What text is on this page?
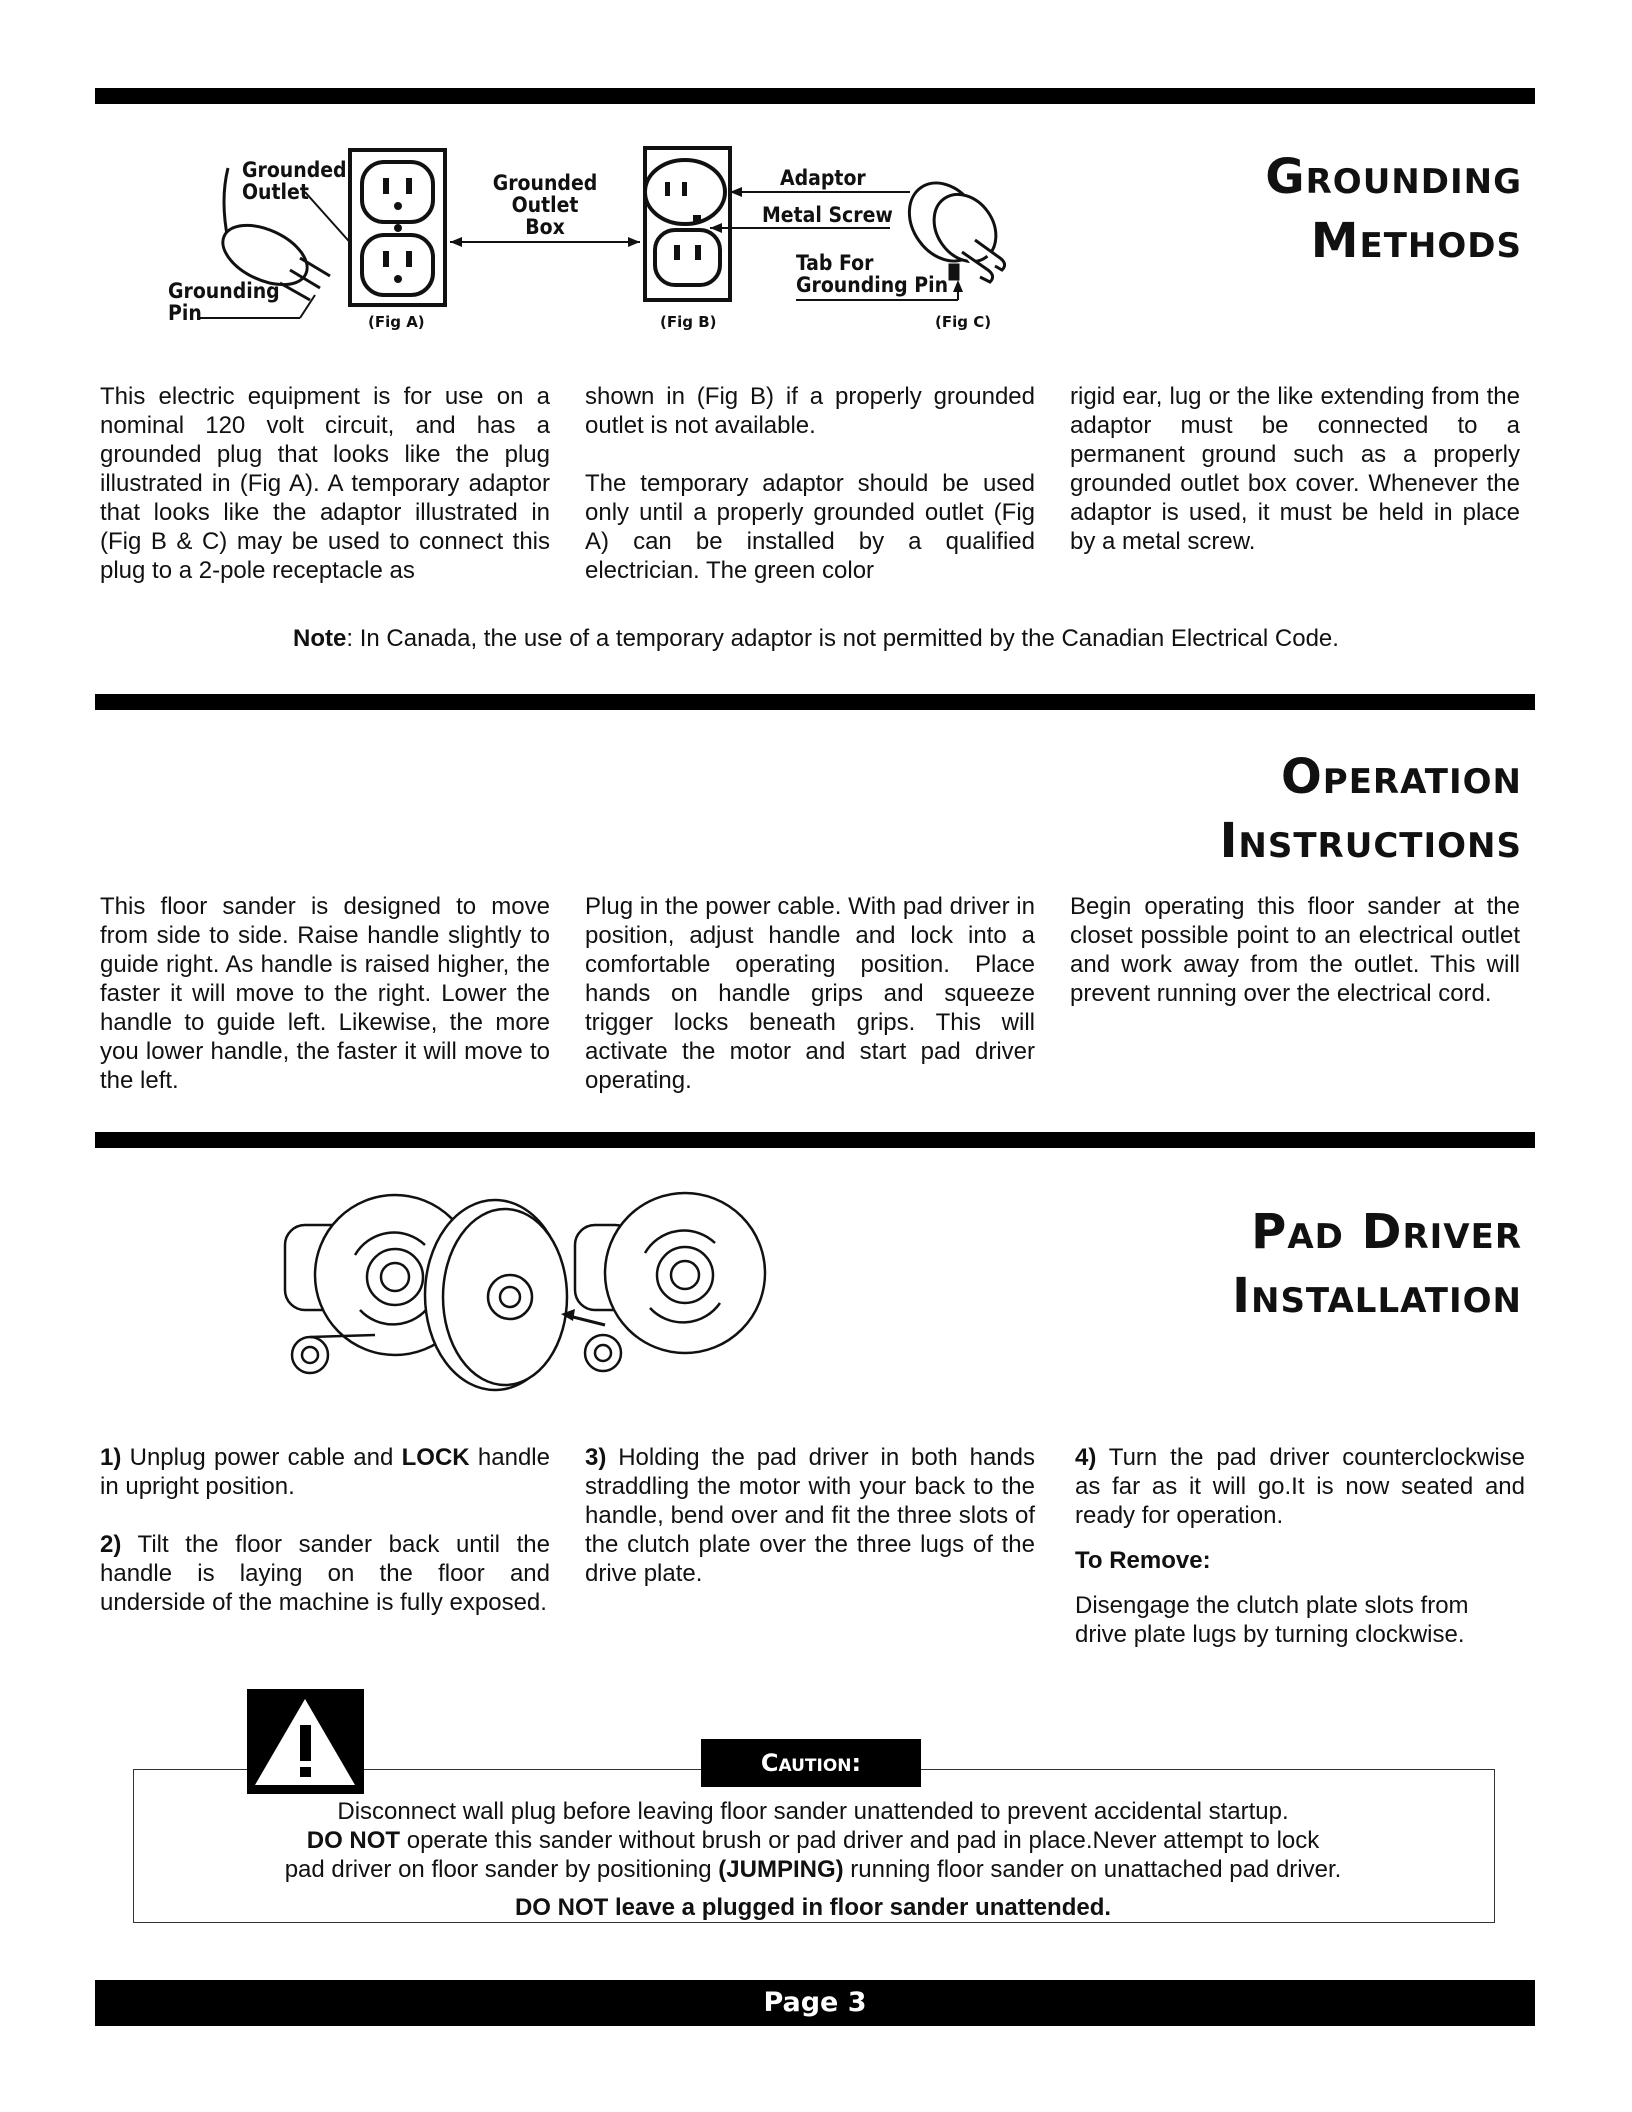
Grounded Outlet
Grounding Pin	(Fig A)
Grounded Outlet Box
(Fig B)
Adaptor
Metal Screw
Tab For Grounding Pin
(Fig C)
Grounding
Methods

This electric equipment is for use on a nominal 120 volt circuit, and has a grounded plug that looks like the plug illustrated in (Fig A). A temporary adaptor that looks like the adaptor illustrated in (Fig B & C) may be used to connect this plug to a 2-pole receptacle as

shown in (Fig B) if a properly grounded outlet is not available.

The temporary adaptor should be used only until a properly grounded outlet (Fig A) can be installed by a qualified electrician. The green color

rigid ear, lug or the like extending from the adaptor must be connected to a permanent ground such as a properly grounded outlet box cover. Whenever the adaptor is used, it must be held in place by a metal screw.

Note: In Canada, the use of a temporary adaptor is not permitted by the Canadian Electrical Code.
Operation
Instructions

This floor sander is designed to move from side to side. Raise handle slightly to guide right. As handle is raised higher, the faster it will move to the right. Lower the handle to guide left. Likewise, the more you lower handle, the faster it will move to the left.

Plug in the power cable. With pad driver in position, adjust handle and lock into a comfortable operating position. Place hands on handle grips and squeeze trigger locks beneath grips. This will activate the motor and start pad driver operating.

Begin operating this floor sander at the closet possible point to an electrical outlet and work away from the outlet. This will prevent running over the electrical cord.

Pad Driver
Installation

1) Unplug power cable and LOCK handle in upright position.

2) Tilt the floor sander back until the handle is laying on the floor and underside of the machine is fully exposed.

3) Holding the pad driver in both hands straddling the motor with your back to the handle, bend over and fit the three slots of the clutch plate over the three lugs of the drive plate.

4) Turn the pad driver counterclockwise as far as it will go.It is now seated and ready for operation.

To Remove:

Disengage the clutch plate slots from drive plate lugs by turning clockwise.

Caution:
Disconnect wall plug before leaving floor sander unattended to prevent accidental startup.
DO NOT operate this sander without brush or pad driver and pad in place.Never attempt to lock
pad driver on floor sander by positioning (JUMPING) running floor sander on unattached pad driver.
DO NOT leave a plugged in floor sander unattended.
Page 3
